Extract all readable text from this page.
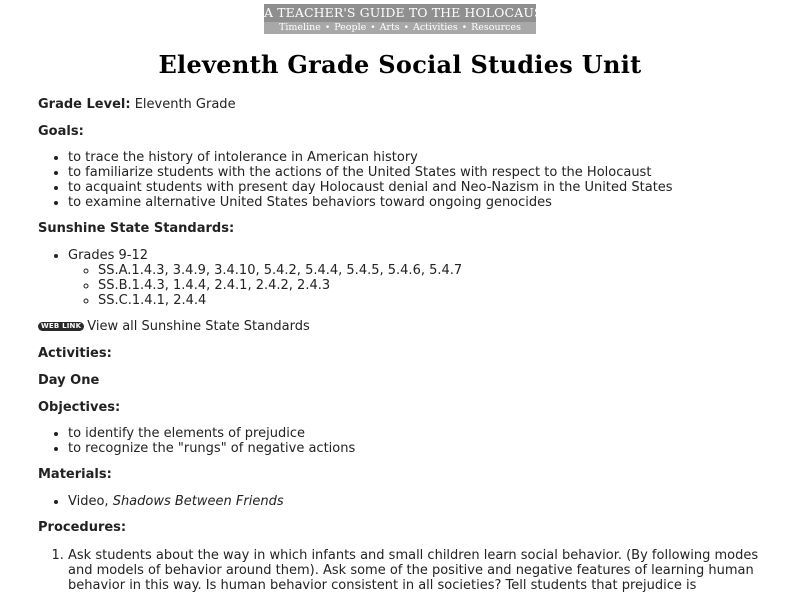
A TEACHER'S GUIDE TO THE HOLOCAUST
Timeline • People • Arts • Activities • Resources
Eleventh Grade Social Studies Unit

Grade Level: Eleventh Grade

Goals:

• to trace the history of intolerance in American history
• to familiarize students with the actions of the United States with respect to the Holocaust
• to acquaint students with present day Holocaust denial and Neo-Nazism in the United States
• to examine alternative United States behaviors toward ongoing genocides

Sunshine State Standards:

• Grades 9-12
◦ SS.A.1.4.3, 3.4.9, 3.4.10, 5.4.2, 5.4.4, 5.4.5, 5.4.6, 5.4.7
◦ SS.B.1.4.3, 1.4.4, 2.4.1, 2.4.2, 2.4.3
◦ SS.C.1.4.1, 2.4.4
WEB LINK View all Sunshine State Standards

Activities:

Day One

Objectives:

• to identify the elements of prejudice
• to recognize the "rungs" of negative actions

Materials:

• Video, Shadows Between Friends

Procedures:

1. Ask students about the way in which infants and small children learn social behavior. (By following modes and models of behavior around them). Ask some of the positive and negative features of learning human behavior in this way. Is human behavior consistent in all societies? Tell students that prejudice is
